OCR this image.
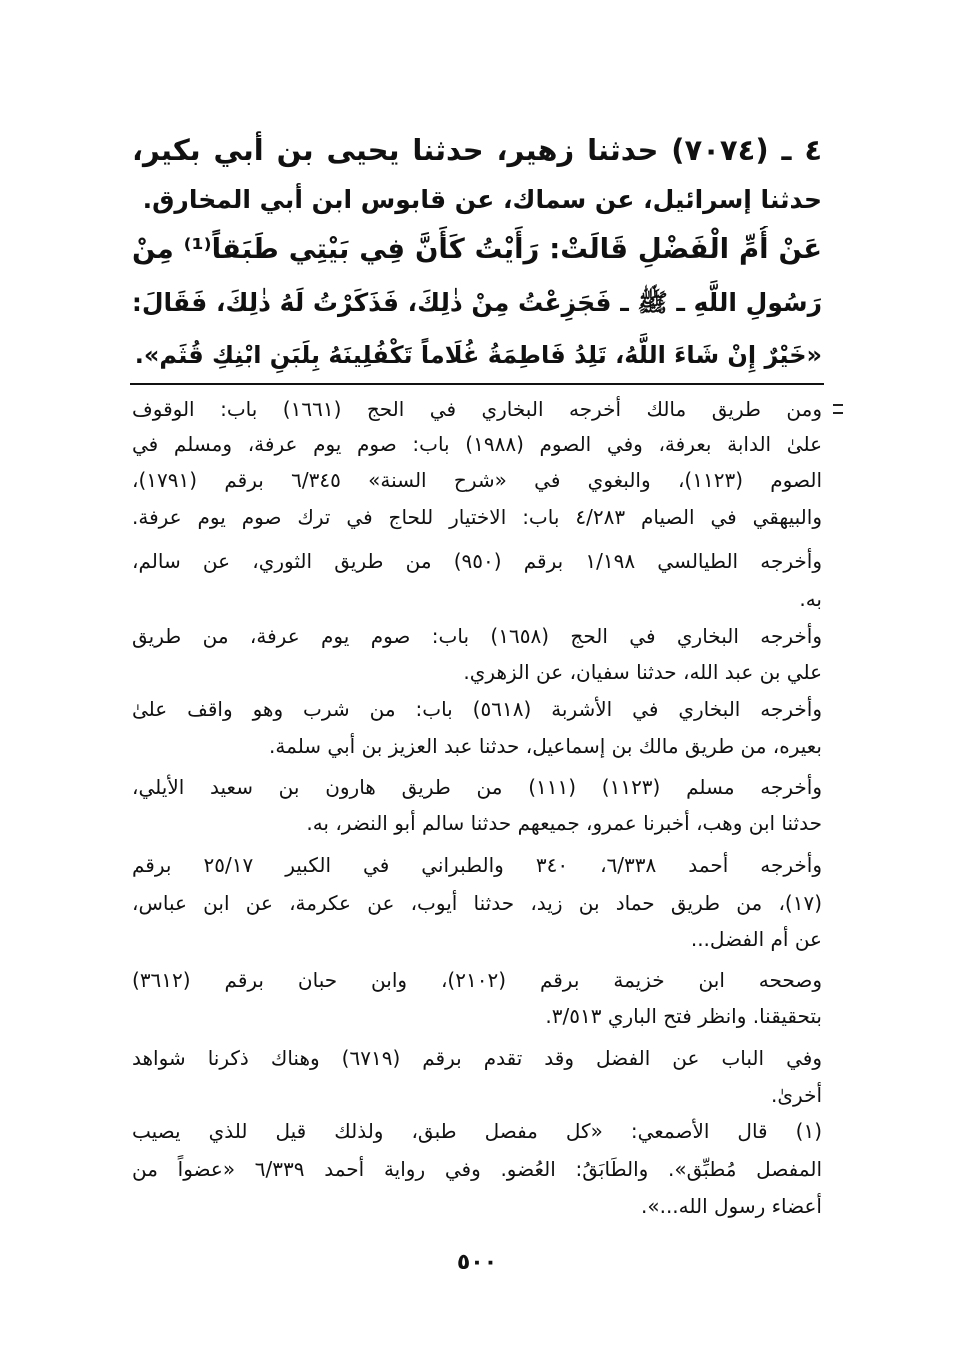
٤ ـ (٧٠٧٤) حدثنا زهير، حدثنا يحيى بن أبي بكير،
حدثنا إسرائيل، عن سماك، عن قابوس ابن أبي المخارق.
عَنْ أُمِّ الْفَضْلِ قَالَتْ: رَأَيْتُ كَأَنَّ فِي بَيْتِي طَبَقاً⁽¹⁾ مِنْ
رَسُولِ اللَّهِ ـ ﷺ ـ فَجَزِعْتُ مِنْ ذٰلِكَ، فَذَكَرْتُ لَهُ ذٰلِكَ، فَقَالَ:
«خَيْرٌ إِنْ شَاءَ اللَّهُ، تَلِدُ فَاطِمَةُ غُلَاماً تَكْفُلِينَهُ بِلَبَنِ ابْنِكِ قُثَم».
ومن طريق مالك أخرجه البخاري في الحج (١٦٦١) باب: الوقوف
علىٰ الدابة بعرفة، وفي الصوم (١٩٨٨) باب: صوم يوم عرفة، ومسلم في
الصوم (١١٢٣)، والبغوي في «شرح السنة» ٦/٣٤٥ برقم (١٧٩١)،
والبيهقي في الصيام ٤/٢٨٣ باب: الاختيار للحاج في ترك صوم يوم عرفة.
وأخرجه الطيالسي ١/١٩٨ برقم (٩٥٠) من طريق الثوري، عن سالم،
به.
وأخرجه البخاري في الحج (١٦٥٨) باب: صوم يوم عرفة، من طريق
علي بن عبد الله، حدثنا سفيان، عن الزهري.
وأخرجه البخاري في الأشربة (٥٦١٨) باب: من شرب وهو واقف علىٰ
بعيره، من طريق مالك بن إسماعيل، حدثنا عبد العزيز بن أبي سلمة.
وأخرجه مسلم (١١٢٣) (١١١) من طريق هارون بن سعيد الأيلي،
حدثنا ابن وهب، أخبرنا عمرو، جميعهم حدثنا سالم أبو النضر، به.
وأخرجه أحمد ٦/٣٣٨، ٣٤٠ والطبراني في الكبير ٢٥/١٧ برقم
(١٧)، من طريق حماد بن زيد، حدثنا أيوب، عن عكرمة، عن ابن عباس،
عن أم الفضل...
وصححه ابن خزيمة برقم (٢١٠٢)، وابن حبان برقم (٣٦١٢)
بتحقيقنا. وانظر فتح الباري ٣/٥١٣.
وفي الباب عن الفضل وقد تقدم برقم (٦٧١٩) وهناك ذكرنا شواهد
أخرىٰ.
(١) قال الأصمعي: «كل مفصل طبق، ولذلك قيل للذي يصيب
المفصل مُطبِّق». والطَابَقُ: العُضو. وفي رواية أحمد ٦/٣٣٩ «عضواً من
أعضاء رسول الله...».
٥٠٠
